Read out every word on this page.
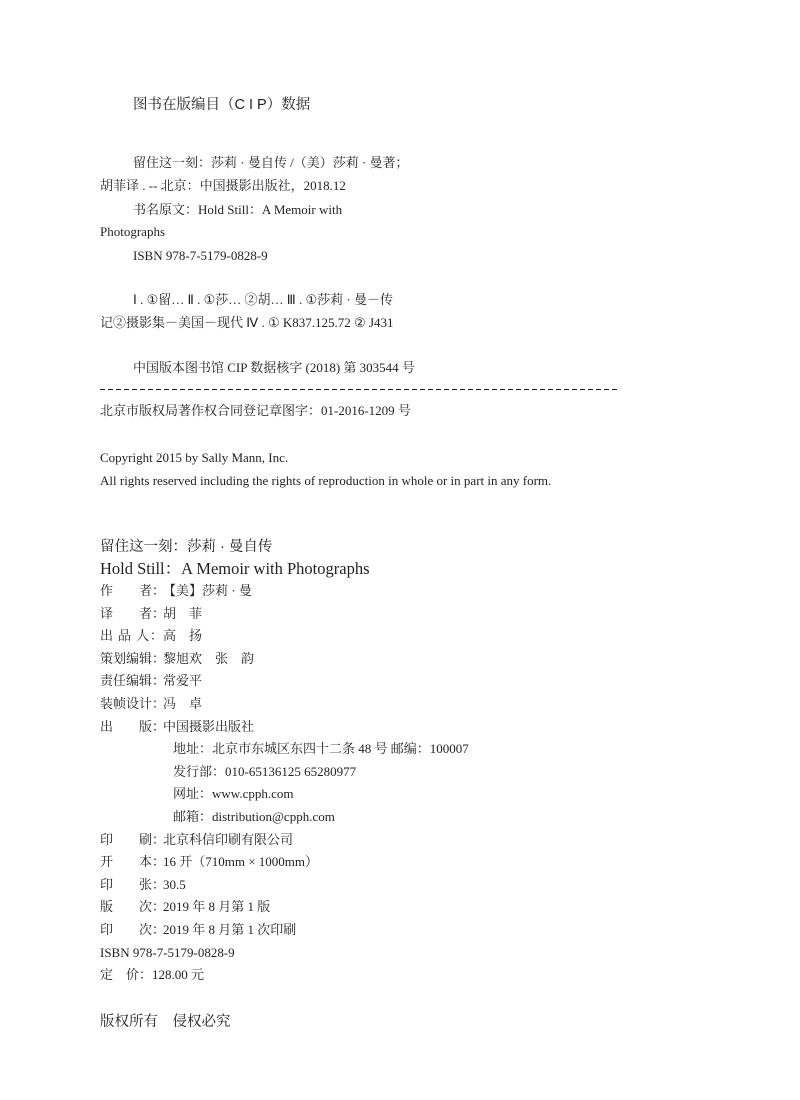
图书在版编目（C I P）数据
留住这一刻：莎莉 · 曼自传 /（美）莎莉 · 曼著；
胡菲译 . -- 北京：中国摄影出版社，2018.12
书名原文：Hold Still：A Memoir with
Photographs
ISBN 978-7-5179-0828-9
Ⅰ . ①留… Ⅱ . ①莎… ②胡… Ⅲ . ①莎莉 · 曼－传
记②摄影集－美国－现代 Ⅳ . ① K837.125.72 ② J431
中国版本图书馆 CIP 数据核字 (2018) 第 303544 号
北京市版权局著作权合同登记章图字：01-2016-1209 号
Copyright 2015 by Sally Mann, Inc.
All rights reserved including the rights of reproduction in whole or in part in any form.
留住这一刻：莎莉 · 曼自传
Hold Still：A Memoir with Photographs
作　　者：【美】莎莉 · 曼
译　　者：胡　菲
出 品 人：高　扬
策划编辑：黎旭欢　张　韵
责任编辑：常爱平
装帧设计：冯　卓
出　　版：中国摄影出版社
地址：北京市东城区东四十二条 48 号 邮编：100007
发行部：010-65136125 65280977
网址：www.cpph.com
邮箱：distribution@cpph.com
印　　刷：北京科信印刷有限公司
开　　本：16 开（710mm × 1000mm）
印　　张：30.5
版　　次：2019 年 8 月第 1 版
印　　次：2019 年 8 月第 1 次印刷
ISBN 978-7-5179-0828-9
定　价：128.00 元
版权所有　侵权必究
